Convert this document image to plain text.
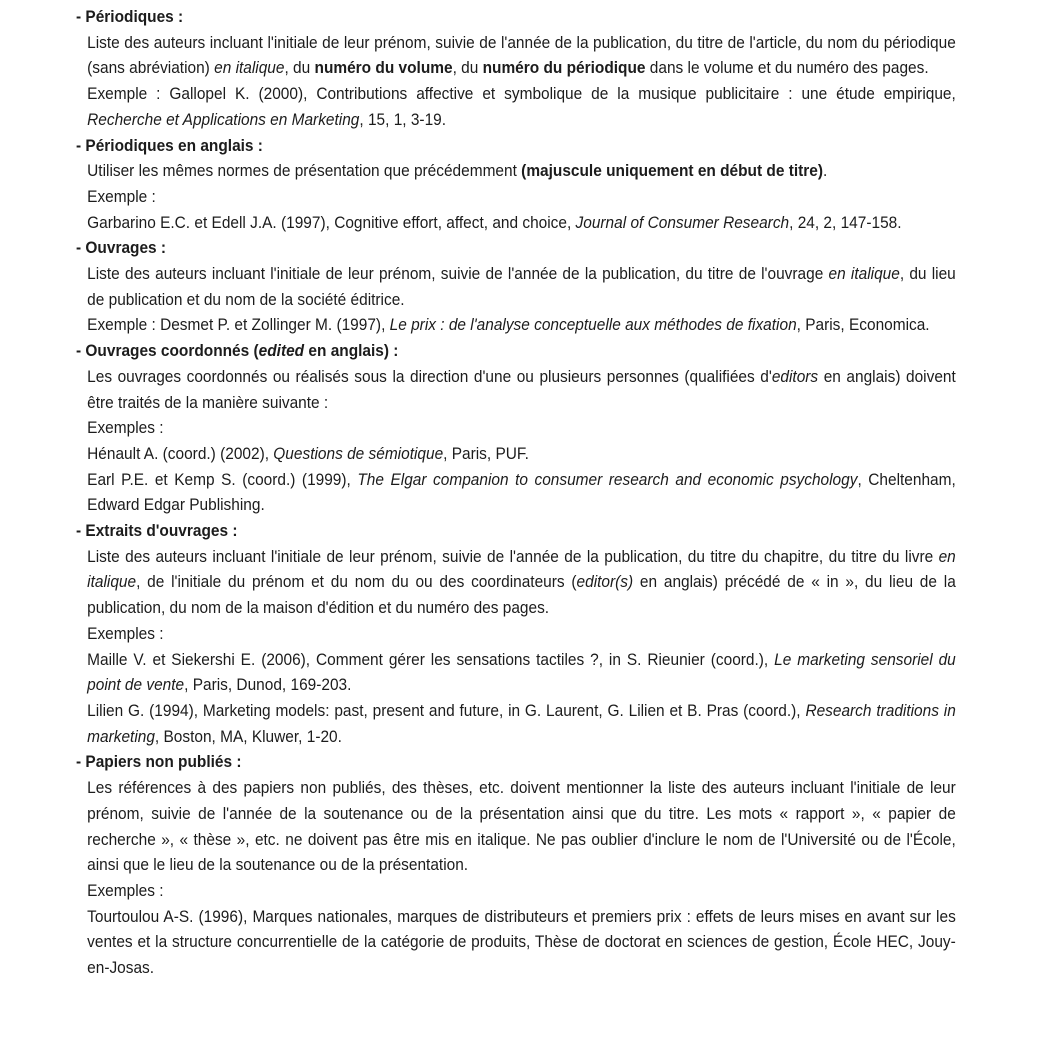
- Périodiques :

Liste des auteurs incluant l'initiale de leur prénom, suivie de l'année de la publication, du titre de l'article, du nom du périodique (sans abréviation) en italique, du numéro du volume, du numéro du périodique dans le volume et du numéro des pages.

Exemple : Gallopel K. (2000), Contributions affective et symbolique de la musique publicitaire : une étude empirique, Recherche et Applications en Marketing, 15, 1, 3-19.

- Périodiques en anglais :

Utiliser les mêmes normes de présentation que précédemment (majuscule uniquement en début de titre).

Exemple :

Garbarino E.C. et Edell J.A. (1997), Cognitive effort, affect, and choice, Journal of Consumer Research, 24, 2, 147-158.

- Ouvrages :

Liste des auteurs incluant l'initiale de leur prénom, suivie de l'année de la publication, du titre de l'ouvrage en italique, du lieu de publication et du nom de la société éditrice.

Exemple : Desmet P. et Zollinger M. (1997), Le prix : de l'analyse conceptuelle aux méthodes de fixation, Paris, Economica.

- Ouvrages coordonnés (edited en anglais) :

Les ouvrages coordonnés ou réalisés sous la direction d'une ou plusieurs personnes (qualifiées d'editors en anglais) doivent être traités de la manière suivante :

Exemples :

Hénault A. (coord.) (2002), Questions de sémiotique, Paris, PUF.

Earl P.E. et Kemp S. (coord.) (1999), The Elgar companion to consumer research and economic psychology, Cheltenham, Edward Edgar Publishing.

- Extraits d'ouvrages :

Liste des auteurs incluant l'initiale de leur prénom, suivie de l'année de la publication, du titre du chapitre, du titre du livre en italique, de l'initiale du prénom et du nom du ou des coordinateurs (editor(s) en anglais) précédé de « in », du lieu de la publication, du nom de la maison d'édition et du numéro des pages.

Exemples :

Maille V. et Siekershi E. (2006), Comment gérer les sensations tactiles ?, in S. Rieunier (coord.), Le marketing sensoriel du point de vente, Paris, Dunod, 169-203.

Lilien G. (1994), Marketing models: past, present and future, in G. Laurent, G. Lilien et B. Pras (coord.), Research traditions in marketing, Boston, MA, Kluwer, 1-20.

- Papiers non publiés :

Les références à des papiers non publiés, des thèses, etc. doivent mentionner la liste des auteurs incluant l'initiale de leur prénom, suivie de l'année de la soutenance ou de la présentation ainsi que du titre. Les mots « rapport », « papier de recherche », « thèse », etc. ne doivent pas être mis en italique. Ne pas oublier d'inclure le nom de l'Université ou de l'École, ainsi que le lieu de la soutenance ou de la présentation.

Exemples :

Tourtoulou A-S. (1996), Marques nationales, marques de distributeurs et premiers prix : effets de leurs mises en avant sur les ventes et la structure concurrentielle de la catégorie de produits, Thèse de doctorat en sciences de gestion, École HEC, Jouy-en-Josas.
